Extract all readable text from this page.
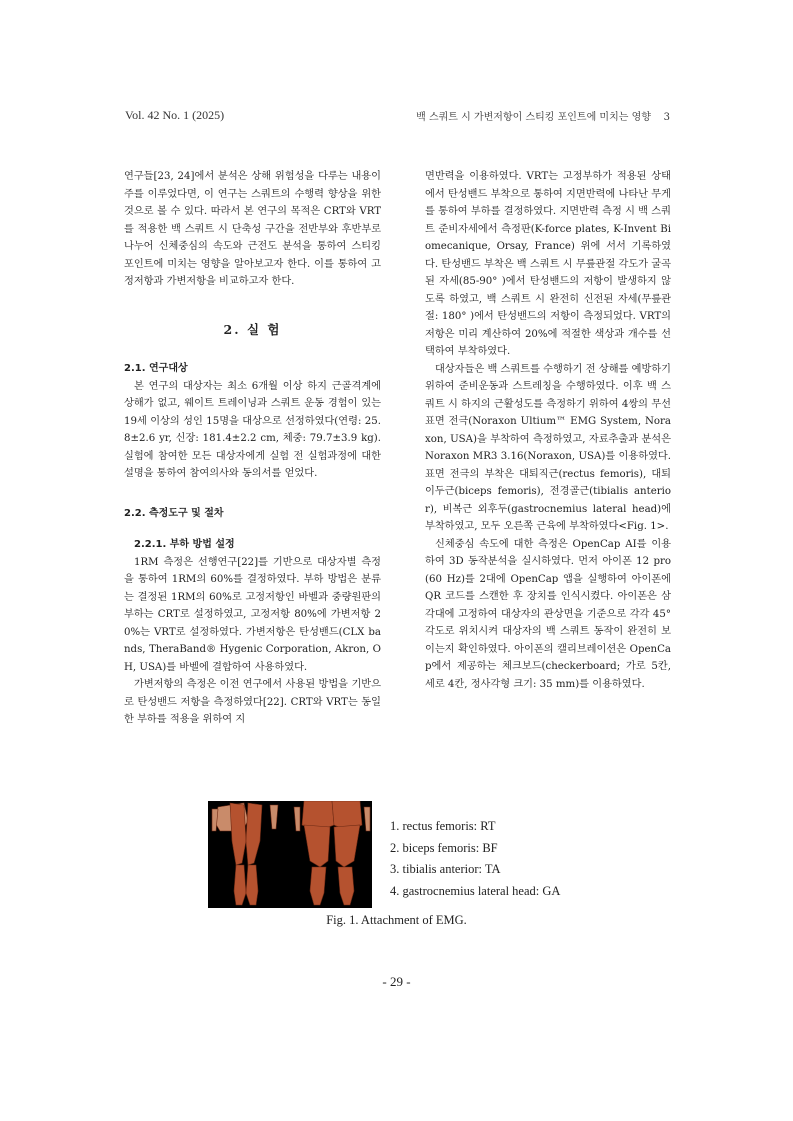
Vol. 42 No. 1 (2025)	백 스쿼트 시 가변저항이 스티킹 포인트에 미치는 영향 3

연구들[23, 24]에서 분석은 상해 위험성을 다루는 내용이 주를 이루었다면, 이 연구는 스쿼트의 수행력 향상을 위한 것으로 볼 수 있다. 따라서 본 연구의 목적은 CRT와 VRT를 적용한 백 스쿼트 시 단축성 구간을 전반부와 후반부로 나누어 신체중심의 속도와 근전도 분석을 통하여 스티킹 포인트에 미치는 영향을 알아보고자 한다. 이를 통하여 고정저항과 가변저항을 비교하고자 한다.

2. 실 험
2.1. 연구대상

본 연구의 대상자는 최소 6개월 이상 하지 근골격계에 상해가 없고, 웨이트 트레이닝과 스쿼트 운동 경험이 있는 19세 이상의 성인 15명을 대상으로 선정하였다(연령: 25.8±2.6 yr, 신장: 181.4±2.2 cm, 체중: 79.7±3.9 kg). 실험에 참여한 모든 대상자에게 실험 전 실험과정에 대한 설명을 통하여 참여의사와 동의서를 얻었다.

2.2. 측정도구 및 절차
2.2.1. 부하 방법 설정

1RM 측정은 선행연구[22]를 기반으로 대상자별 측정을 통하여 1RM의 60%를 결정하였다. 부하 방법은 분류는 결정된 1RM의 60%로 고정저항인 바벨과 중량원판의 부하는 CRT로 설정하였고, 고정저항 80%에 가변저항 20%는 VRT로 설정하였다. 가변저항은 탄성밴드(CLX bands, TheraBand® Hygenic Corporation, Akron, OH, USA)를 바벨에 결합하여 사용하였다.

가변저항의 측정은 이전 연구에서 사용된 방법을 기반으로 탄성밴드 저항을 측정하였다[22]. CRT와 VRT는 동일한 부하를 적용을 위하여 지

면반력을 이용하였다. VRT는 고정부하가 적용된 상태에서 탄성밴드 부착으로 통하여 지면반력에 나타난 무게를 통하여 부하를 결정하였다. 지면반력 측정 시 백 스쿼트 준비자세에서 측정판(K-force plates, K-Invent Biomecanique, Orsay, France) 위에 서서 기록하였다. 탄성밴드 부착은 백 스쿼트 시 무릎관절 각도가 굴곡된 자세(85-90° )에서 탄성밴드의 저항이 발생하지 않도록 하였고, 백 스쿼트 시 완전히 신전된 자세(무릎관절: 180° )에서 탄성밴드의 저항이 측정되었다. VRT의 저항은 미리 계산하여 20%에 적절한 색상과 개수를 선택하여 부착하였다.

대상자들은 백 스쿼트를 수행하기 전 상해를 예방하기 위하여 준비운동과 스트레칭을 수행하였다. 이후 백 스쿼트 시 하지의 근활성도를 측정하기 위하여 4쌍의 무선 표면 전극(Noraxon Ultium™ EMG System, Noraxon, USA)을 부착하여 측정하였고, 자료추출과 분석은 Noraxon MR3 3.16(Noraxon, USA)를 이용하였다. 표면 전극의 부착은 대퇴직근(rectus femoris), 대퇴이두근(biceps femoris), 전경골근(tibialis anterior), 비복근 외후두(gastrocnemius lateral head)에 부착하였고, 모두 오른쪽 근육에 부착하였다<Fig. 1>.

신체중심 속도에 대한 측정은 OpenCap AI를 이용하여 3D 동작분석을 실시하였다. 먼저 아이폰 12 pro(60 Hz)를 2대에 OpenCap 앱을 실행하여 아이폰에 QR 코드를 스캔한 후 장치를 인식시켰다. 아이폰은 삼각대에 고정하여 대상자의 관상면을 기준으로 각각 45° 각도로 위치시켜 대상자의 백 스쿼트 동작이 완전히 보이는지 확인하였다. 아이폰의 캘리브레이션은 OpenCap에서 제공하는 체크보드(checkerboard; 가로 5칸, 세로 4칸, 정사각형 크기: 35 mm)를 이용하였다.

1. rectus femoris: RT
2. biceps femoris: BF
3. tibialis anterior: TA
4. gastrocnemius lateral head: GA
Fig. 1. Attachment of EMG.
- 29 -
